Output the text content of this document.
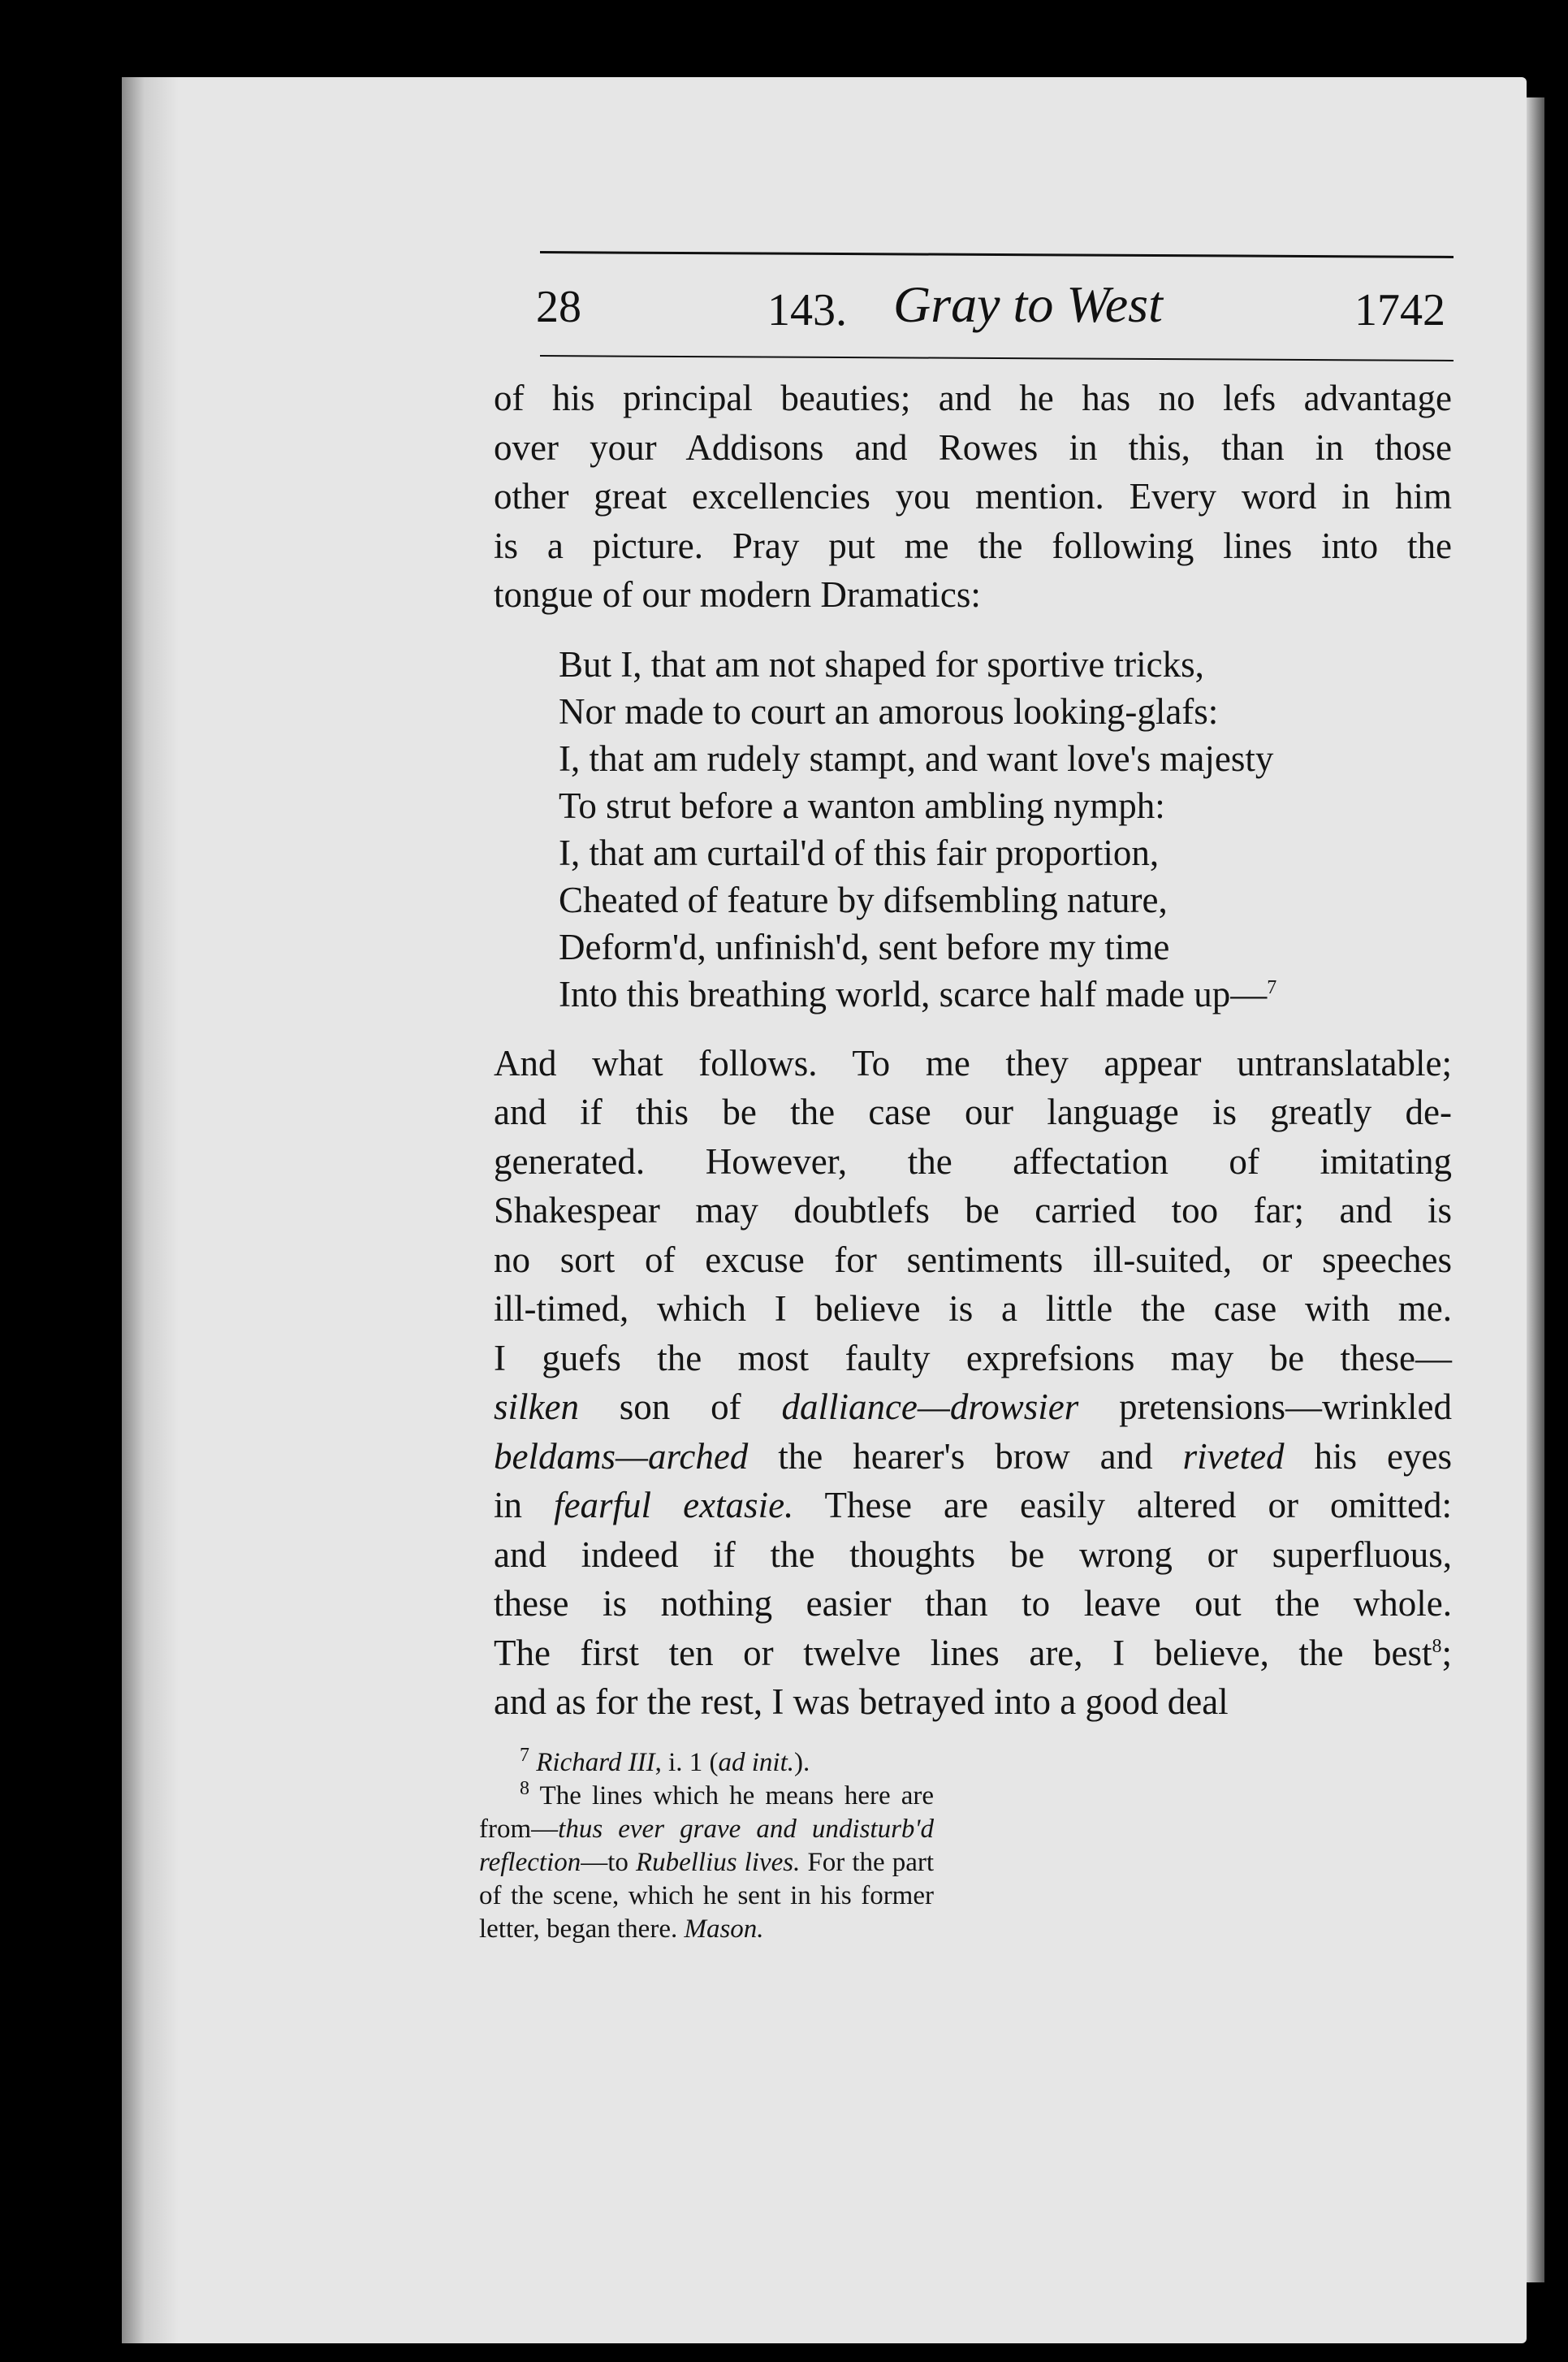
28	143. Gray to West	1742

of his principal beauties; and he has no lefs advantage
over your Addisons and Rowes in this, than in those
other great excellencies you mention. Every word in him
is a picture. Pray put me the following lines into the
tongue of our modern Dramatics:

But I, that am not shaped for sportive tricks,
Nor made to court an amorous looking-glafs:
I, that am rudely stampt, and want love's majesty
To strut before a wanton ambling nymph:
I, that am curtail'd of this fair proportion,
Cheated of feature by difsembling nature,
Deform'd, unfinish'd, sent before my time
Into this breathing world, scarce half made up—$^7$

And what follows. To me they appear untranslatable;
and if this be the case our language is greatly de-
generated. However, the affectation of imitating
Shakespear may doubtlefs be carried too far; and is
no sort of excuse for sentiments ill-suited, or speeches
ill-timed, which I believe is a little the case with me.
I guefs the most faulty exprefsions may be these—
silken son of dalliance—drowsier pretensions—wrinkled
beldams—arched the hearer's brow and riveted his eyes
in fearful extasie. These are easily altered or omitted:
and indeed if the thoughts be wrong or superfluous,
these is nothing easier than to leave out the whole.
The first ten or twelve lines are, I believe, the best$^8$;
and as for the rest, I was betrayed into a good deal

$^7$ Richard III, i. 1 (ad init.).

$^8$ The lines which he means here are from—thus ever grave and undisturb'd reflection—to Rubellius lives. For the part of the scene, which he sent in his former letter, began there. Mason.
